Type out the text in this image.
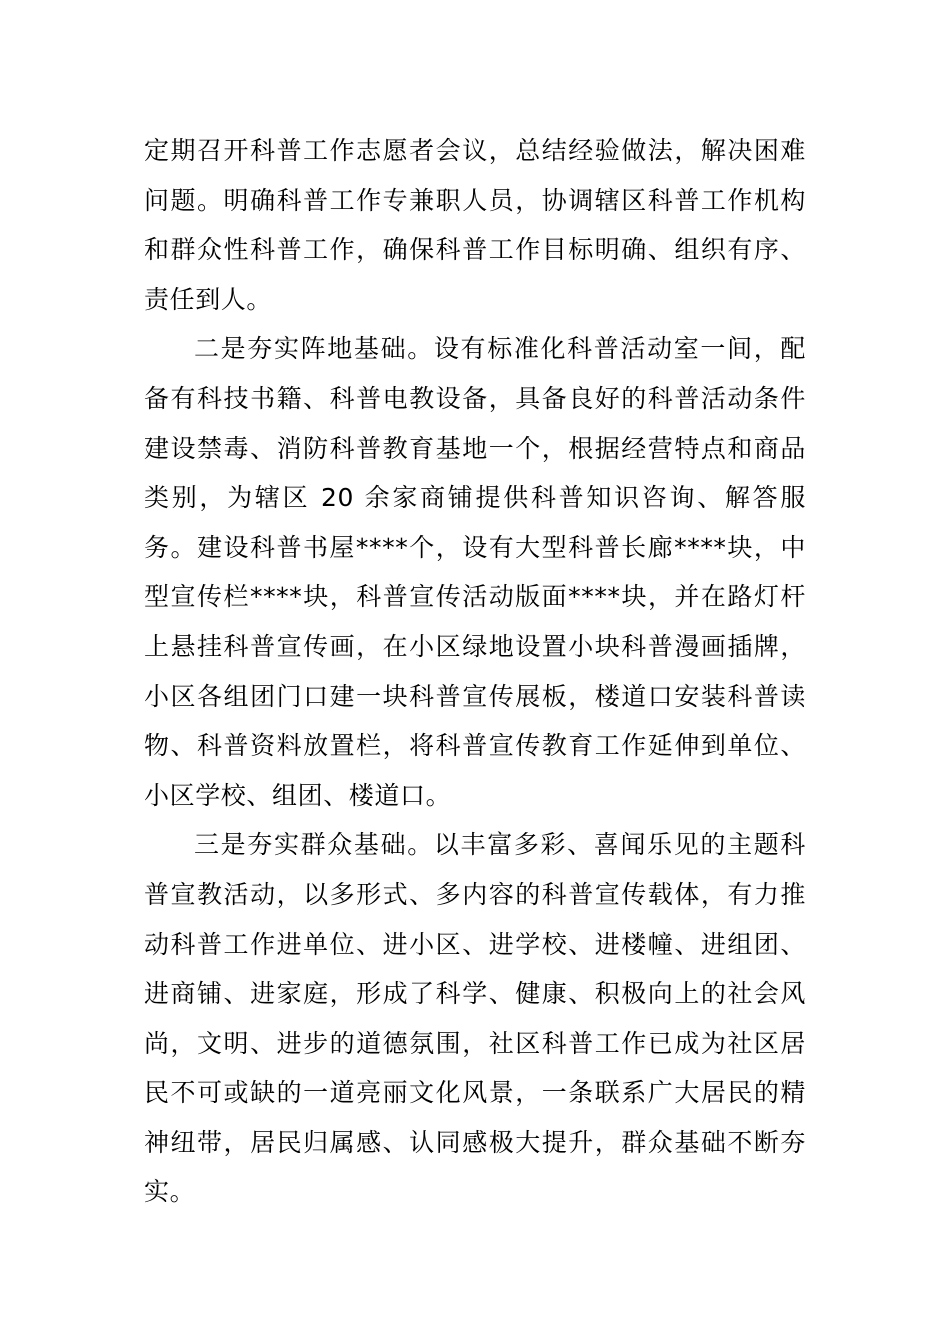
定期召开科普工作志愿者会议，总结经验做法，解决困难问题。明确科普工作专兼职人员，协调辖区科普工作机构和群众性科普工作，确保科普工作目标明确、组织有序、责任到人。

二是夯实阵地基础。设有标准化科普活动室一间，配备有科技书籍、科普电教设备，具备良好的科普活动条件建设禁毒、消防科普教育基地一个，根据经营特点和商品类别，为辖区 20 余家商铺提供科普知识咨询、解答服务。建设科普书屋****个，设有大型科普长廊****块，中型宣传栏****块，科普宣传活动版面****块，并在路灯杆上悬挂科普宣传画，在小区绿地设置小块科普漫画插牌，小区各组团门口建一块科普宣传展板，楼道口安装科普读物、科普资料放置栏，将科普宣传教育工作延伸到单位、小区学校、组团、楼道口。

三是夯实群众基础。以丰富多彩、喜闻乐见的主题科普宣教活动，以多形式、多内容的科普宣传载体，有力推动科普工作进单位、进小区、进学校、进楼幢、进组团、进商铺、进家庭，形成了科学、健康、积极向上的社会风尚，文明、进步的道德氛围，社区科普工作已成为社区居民不可或缺的一道亮丽文化风景，一条联系广大居民的精神纽带，居民归属感、认同感极大提升，群众基础不断夯实。
